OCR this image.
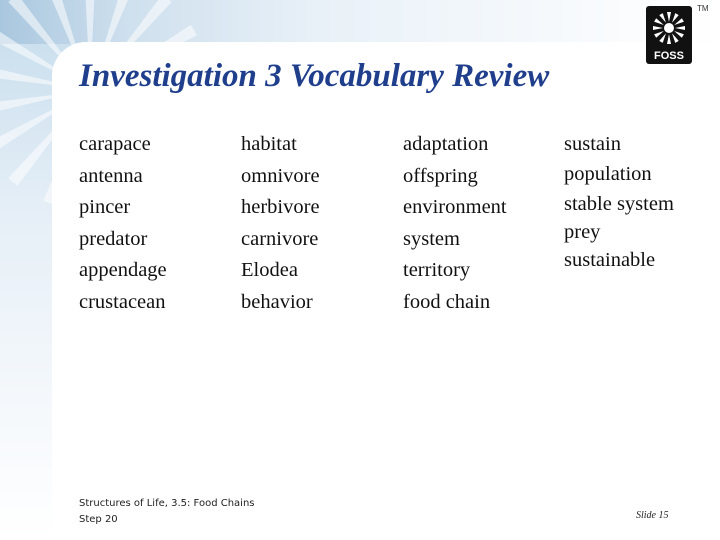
FOSS
TM
Investigation 3 Vocabulary Review
carapace
antenna
pincer
predator
appendage
crustacean
habitat
omnivore
herbivore
carnivore
Elodea
behavior
adaptation
offspring
environment
system
territory
food chain
sustain
population
stable system
prey
sustainable
Structures of Life, 3.5: Food Chains
Step 20	Slide 15
